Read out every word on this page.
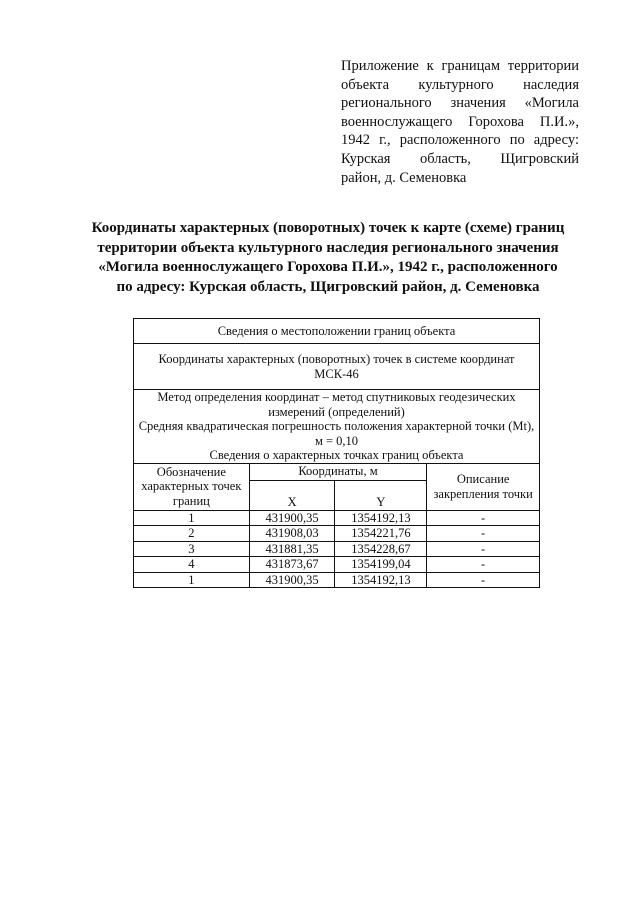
Приложение к границам территории
объекта культурного наследия
регионального значения «Могила
военнослужащего Горохова П.И.»,
1942 г., расположенного по адресу:
Курская область, Щигровский
район, д. Семеновка
Координаты характерных (поворотных) точек к карте (схеме) границ
территории объекта культурного наследия регионального значения
«Могила военнослужащего Горохова П.И.», 1942 г., расположенного
по адресу: Курская область, Щигровский район, д. Семеновка
Сведения о местоположении границ объекта			
Координаты характерных (поворотных) точек в системе координат МСК-46			

Метод определения координат – метод спутниковых геодезических измерений (определений)
Средняя квадратическая погрешность положения характерной точки (Mt), м = 0,10
Сведения о характерных точках границ объекта			

Обозначение характерных точек границ	Координаты, м		Описание закрепления точки
	X	Y	
1	431900,35	1354192,13	-
2	431908,03	1354221,76	-
3	431881,35	1354228,67	-
4	431873,67	1354199,04	-
1	431900,35	1354192,13	-
